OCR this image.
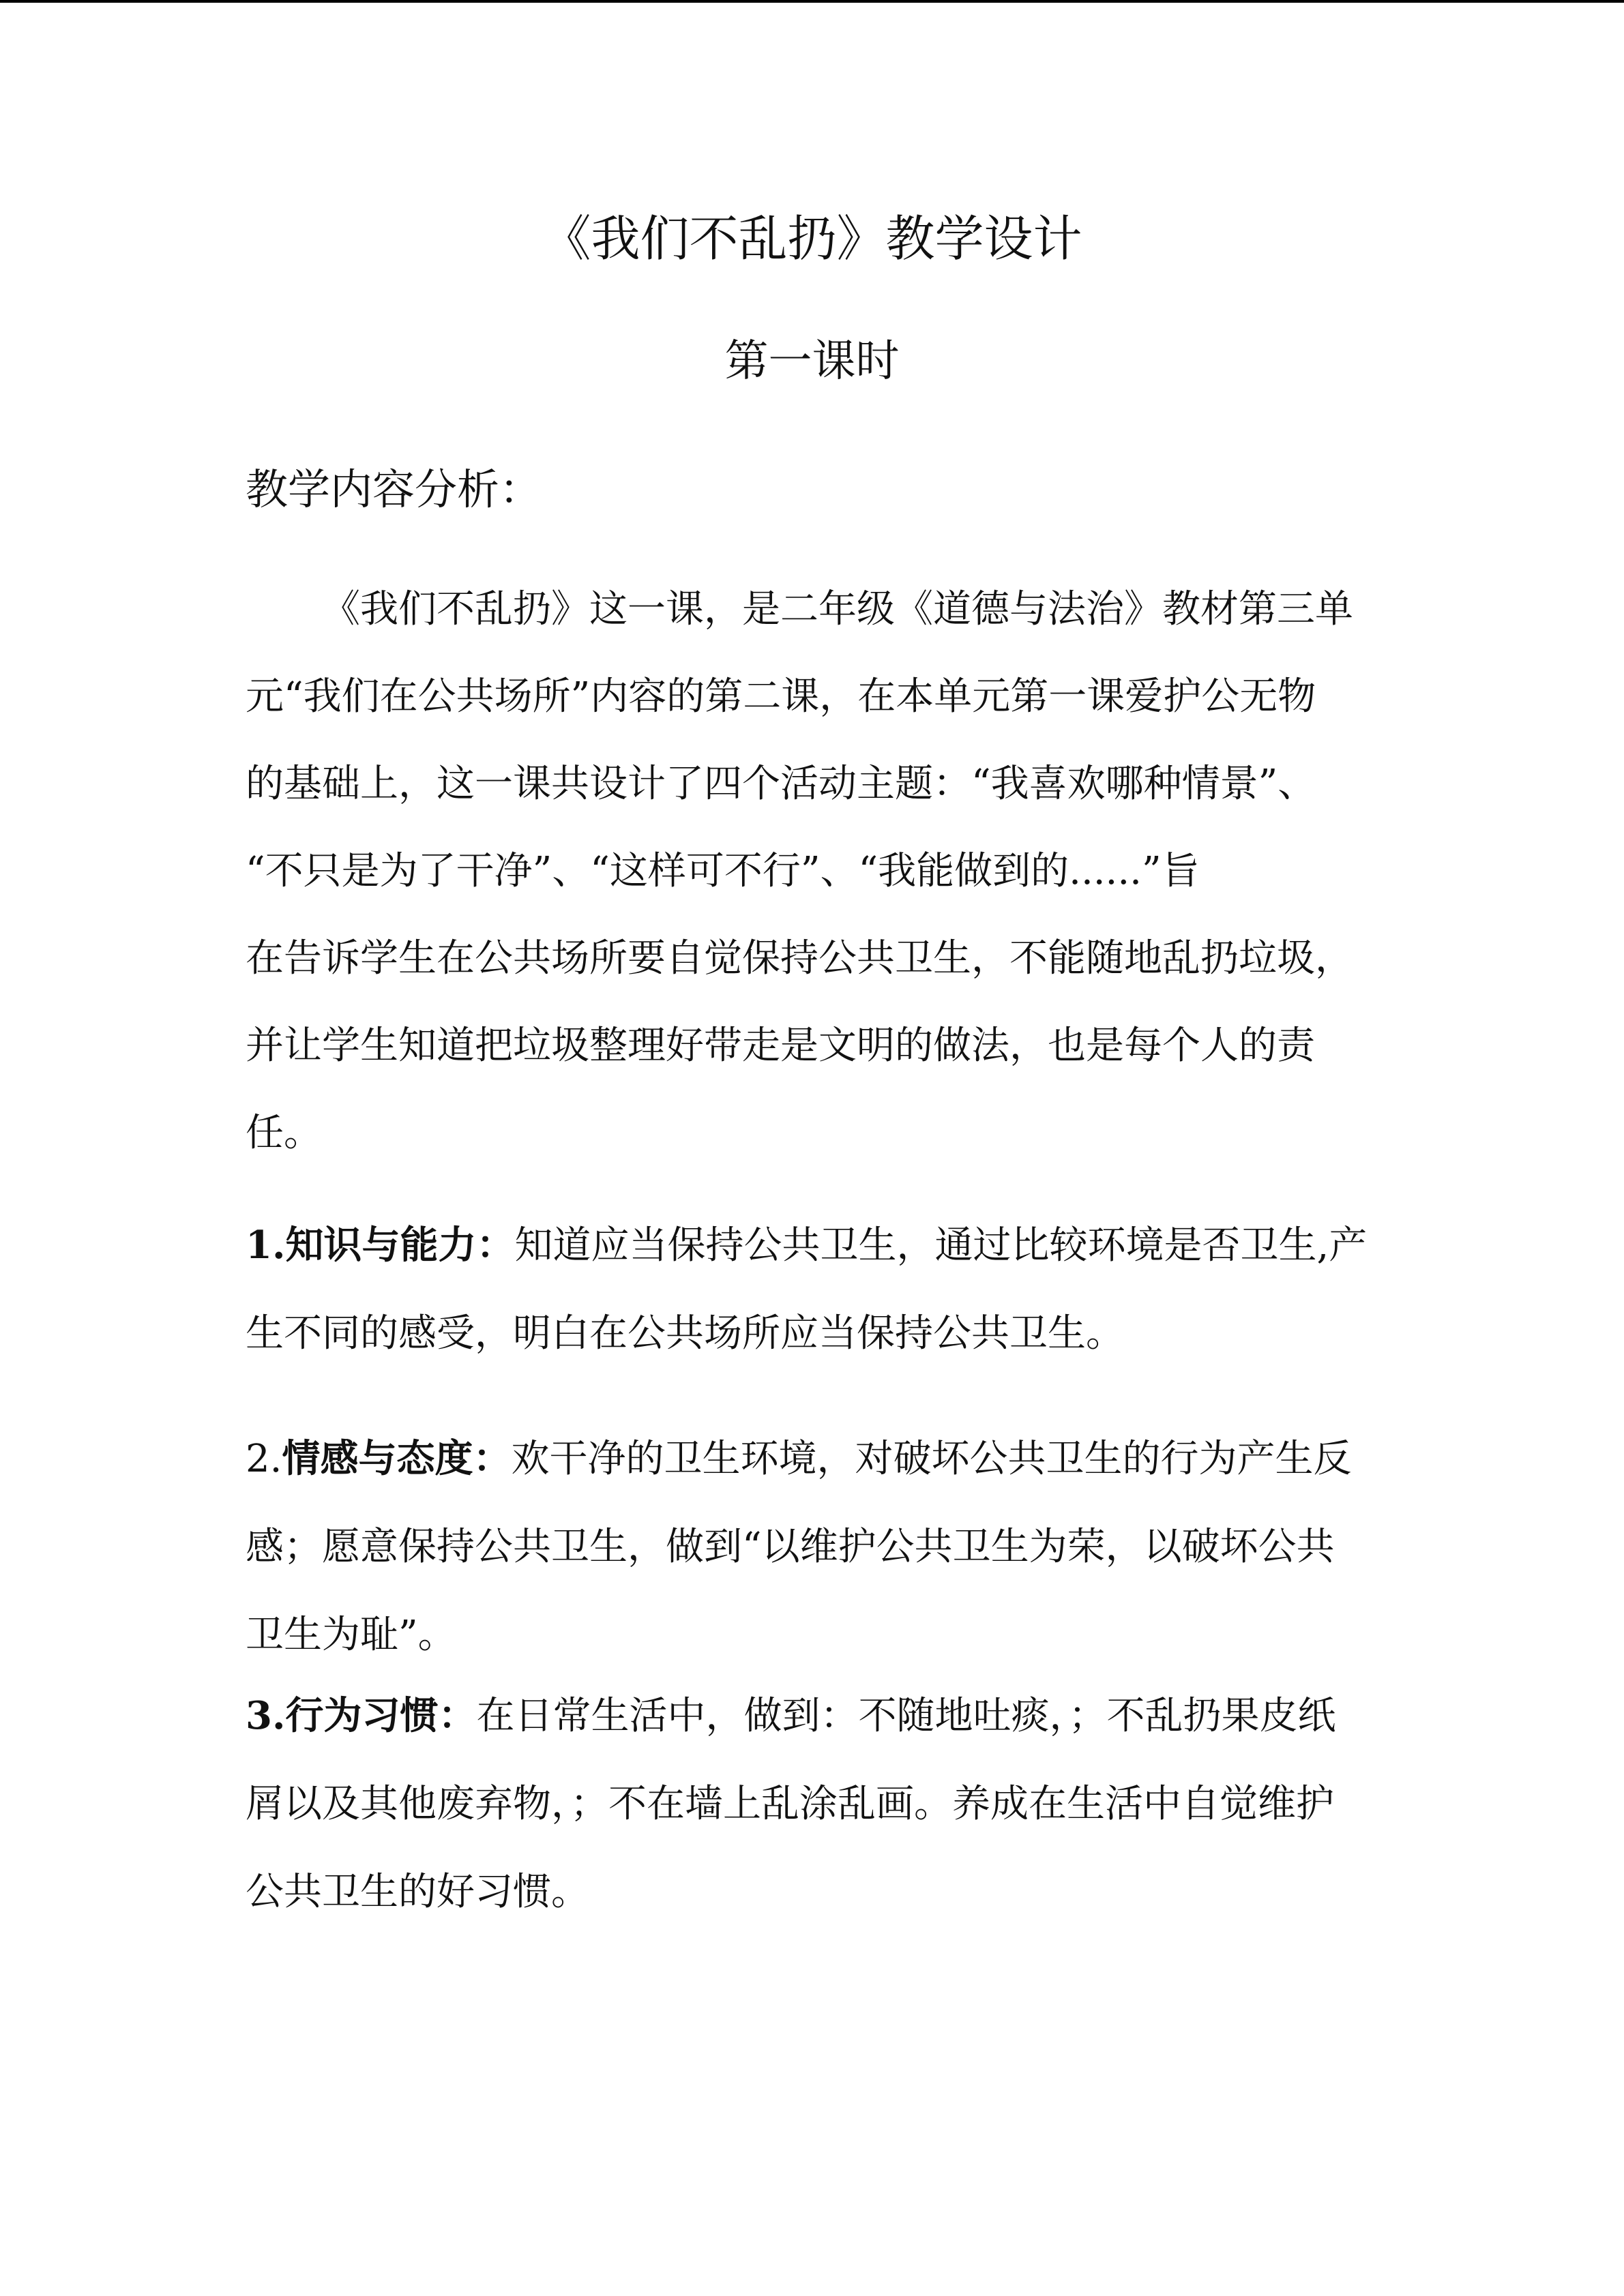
《我们不乱扔》教学设计
第一课时
教学内容分析：
《我们不乱扔》这一课，是二年级《道德与法治》教材第三单
元“我们在公共场所”内容的第二课，在本单元第一课爱护公无物
的基础上，这一课共设计了四个活动主题：“我喜欢哪种情景”、
“不只是为了干净”、“这样可不行”、“我能做到的......”旨
在告诉学生在公共场所要自觉保持公共卫生，不能随地乱扔垃圾，
并让学生知道把垃圾整理好带走是文明的做法，也是每个人的责
任。
1.知识与能力：知道应当保持公共卫生，通过比较环境是否卫生,产
生不同的感受，明白在公共场所应当保持公共卫生。
2.情感与态度：欢干净的卫生环境，对破坏公共卫生的行为产生反
感；愿意保持公共卫生，做到“以维护公共卫生为荣，以破坏公共
卫生为耻”。
3.行为习惯：在日常生活中，做到：不随地吐痰，；不乱扔果皮纸
屑以及其他废弃物，；不在墙上乱涂乱画。养成在生活中自觉维护
公共卫生的好习惯。
